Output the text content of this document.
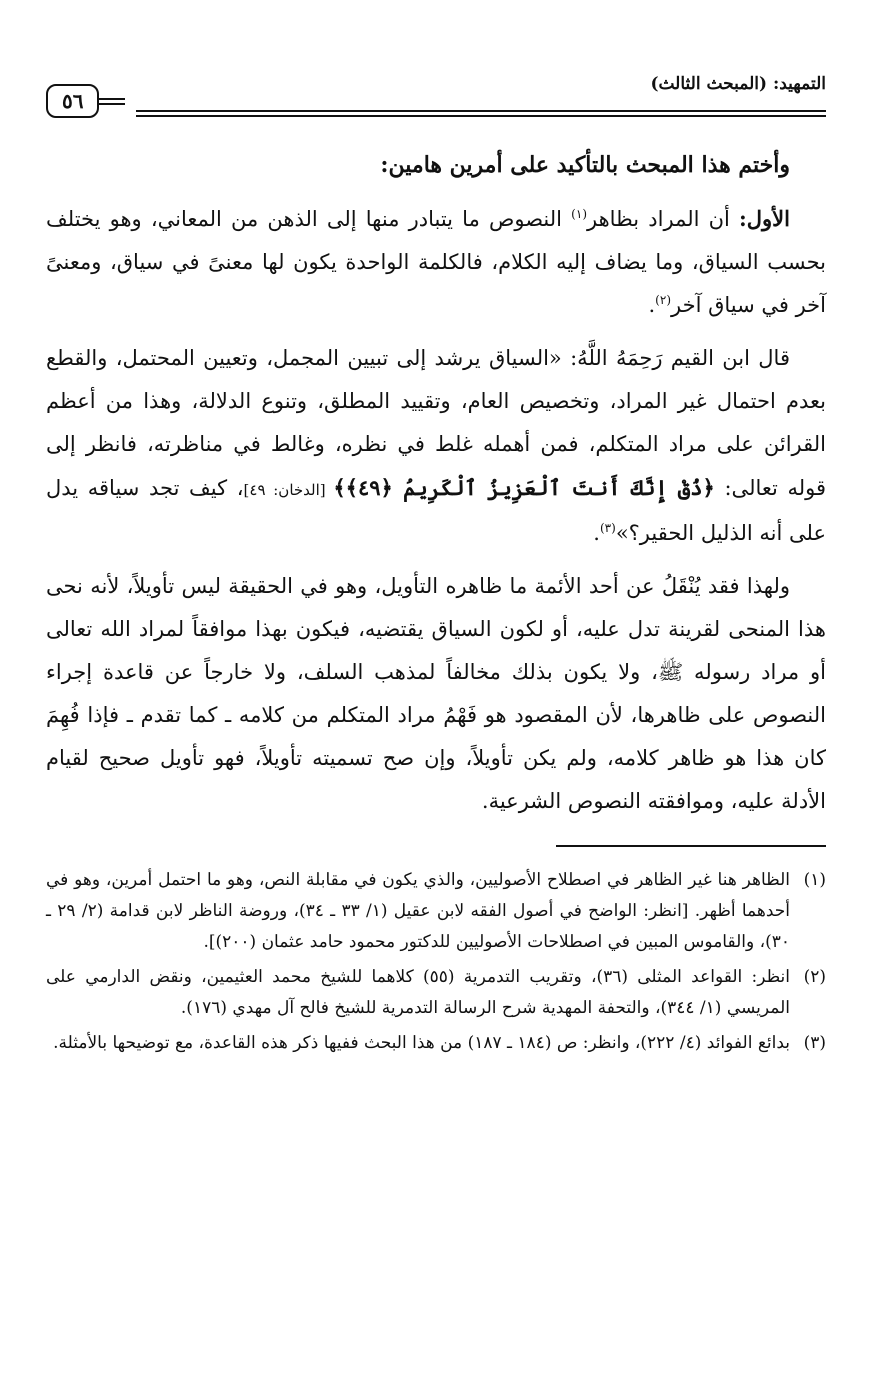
التمهيد: (المبحث الثالث)
٥٦

وأختم هذا المبحث بالتأكيد على أمرين هامين:

الأول: أن المراد بظاهر$^{(١)}$ النصوص ما يتبادر منها إلى الذهن من المعاني، وهو يختلف بحسب السياق، وما يضاف إليه الكلام، فالكلمة الواحدة يكون لها معنىً في سياق، ومعنىً آخر في سياق آخر$^{(٢)}$.

قال ابن القيم رَحِمَهُ اللَّهُ: «السياق يرشد إلى تبيين المجمل، وتعيين المحتمل، والقطع بعدم احتمال غير المراد، وتخصيص العام، وتقييد المطلق، وتنوع الدلالة، وهذا من أعظم القرائن على مراد المتكلم، فمن أهمله غلط في نظره، وغالط في مناظرته، فانظر إلى قوله تعالى: ﴿ذُقْ إِنَّكَ أَنتَ ٱلْعَزِيزُ ٱلْكَرِيمُ ﴿٤٩﴾﴾ [الدخان: ٤٩]، كيف تجد سياقه يدل على أنه الذليل الحقير؟»$^{(٣)}$.

ولهذا فقد يُنْقَلُ عن أحد الأئمة ما ظاهره التأويل، وهو في الحقيقة ليس تأويلاً، لأنه نحى هذا المنحى لقرينة تدل عليه، أو لكون السياق يقتضيه، فيكون بهذا موافقاً لمراد الله تعالى أو مراد رسوله ﷺ، ولا يكون بذلك مخالفاً لمذهب السلف، ولا خارجاً عن قاعدة إجراء النصوص على ظاهرها، لأن المقصود هو فَهْمُ مراد المتكلم من كلامه ـ كما تقدم ـ فإذا فُهِمَ كان هذا هو ظاهر كلامه، ولم يكن تأويلاً، وإن صح تسميته تأويلاً، فهو تأويل صحيح لقيام الأدلة عليه، وموافقته النصوص الشرعية.

(١)
الظاهر هنا غير الظاهر في اصطلاح الأصوليين، والذي يكون في مقابلة النص، وهو ما احتمل أمرين، وهو في أحدهما أظهر. [انظر: الواضح في أصول الفقه لابن عقيل (١/ ٣٣ ـ ٣٤)، وروضة الناظر لابن قدامة (٢/ ٢٩ ـ ٣٠)، والقاموس المبين في اصطلاحات الأصوليين للدكتور محمود حامد عثمان (٢٠٠)].
(٢)
انظر: القواعد المثلى (٣٦)، وتقريب التدمرية (٥٥) كلاهما للشيخ محمد العثيمين، ونقض الدارمي على المريسي (١/ ٣٤٤)، والتحفة المهدية شرح الرسالة التدمرية للشيخ فالح آل مهدي (١٧٦).
(٣)
بدائع الفوائد (٤/ ٢٢٢)، وانظر: ص (١٨٤ ـ ١٨٧) من هذا البحث ففيها ذكر هذه القاعدة، مع توضيحها بالأمثلة.
